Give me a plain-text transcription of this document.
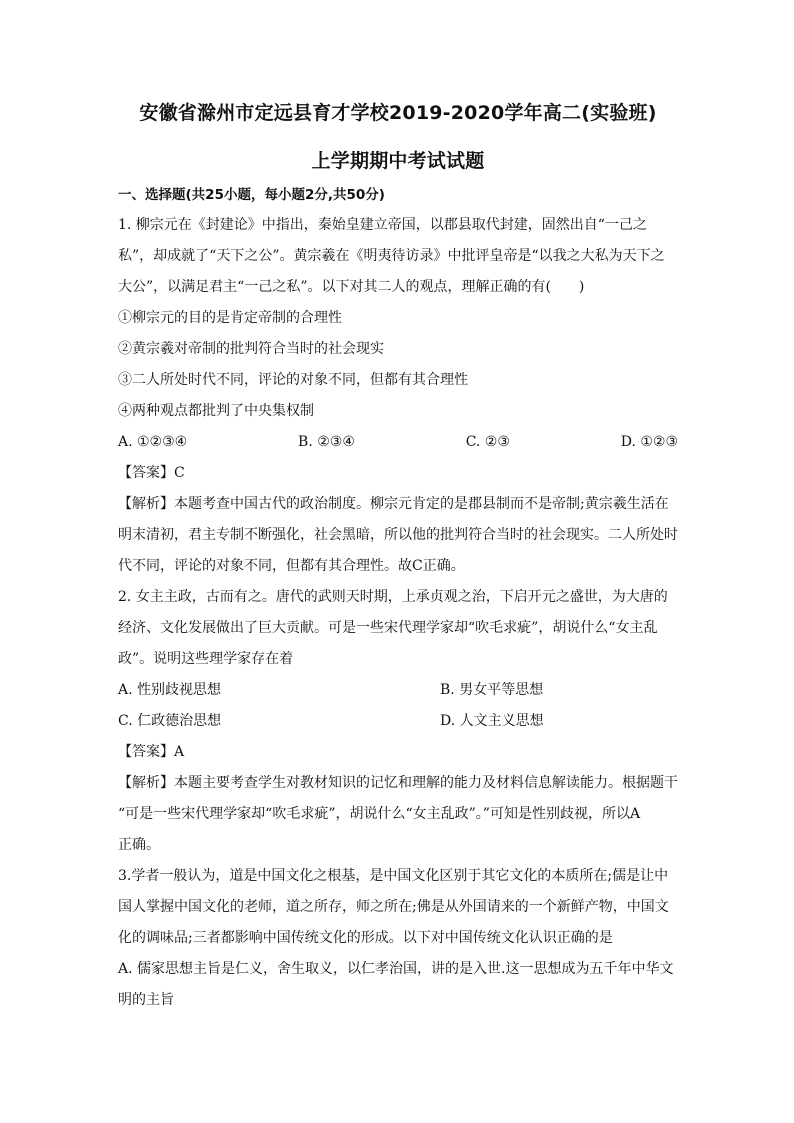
安徽省滁州市定远县育才学校2019-2020学年高二(实验班)
上学期期中考试试题
一、选择题(共25小题，每小题2分,共50分)

1. 柳宗元在《封建论》中指出，秦始皇建立帝国，以郡县取代封建，固然出自“一己之

私”，却成就了“天下之公”。黄宗羲在《明夷待访录》中批评皇帝是“以我之大私为天下之

大公”，以满足君主“一己之私”。以下对其二人的观点，理解正确的有(　　)

①柳宗元的目的是肯定帝制的合理性

②黄宗羲对帝制的批判符合当时的社会现实

③二人所处时代不同，评论的对象不同，但都有其合理性

④两种观点都批判了中央集权制

A. ①②③④	B. ②③④	C. ②③	D. ①②③
【答案】C

【解析】本题考查中国古代的政治制度。柳宗元肯定的是郡县制而不是帝制;黄宗羲生活在

明末清初，君主专制不断强化，社会黑暗，所以他的批判符合当时的社会现实。二人所处时

代不同，评论的对象不同，但都有其合理性。故C正确。

2. 女主主政，古而有之。唐代的武则天时期，上承贞观之治，下启开元之盛世，为大唐的

经济、文化发展做出了巨大贡献。可是一些宋代理学家却“吹毛求疵”，胡说什么“女主乱

政”。说明这些理学家存在着

A. 性别歧视思想	B. 男女平等思想
C. 仁政德治思想	D. 人文主义思想
【答案】A

【解析】本题主要考查学生对教材知识的记忆和理解的能力及材料信息解读能力。根据题干

“可是一些宋代理学家却“吹毛求疵”，胡说什么“女主乱政”。”可知是性别歧视，所以A

正确。

3.学者一般认为，道是中国文化之根基，是中国文化区别于其它文化的本质所在;儒是让中

国人掌握中国文化的老师，道之所存，师之所在;佛是从外国请来的一个新鲜产物，中国文

化的调味品;三者都影响中国传统文化的形成。以下对中国传统文化认识正确的是

A. 儒家思想主旨是仁义，舍生取义，以仁孝治国，讲的是入世.这一思想成为五千年中华文

明的主旨
